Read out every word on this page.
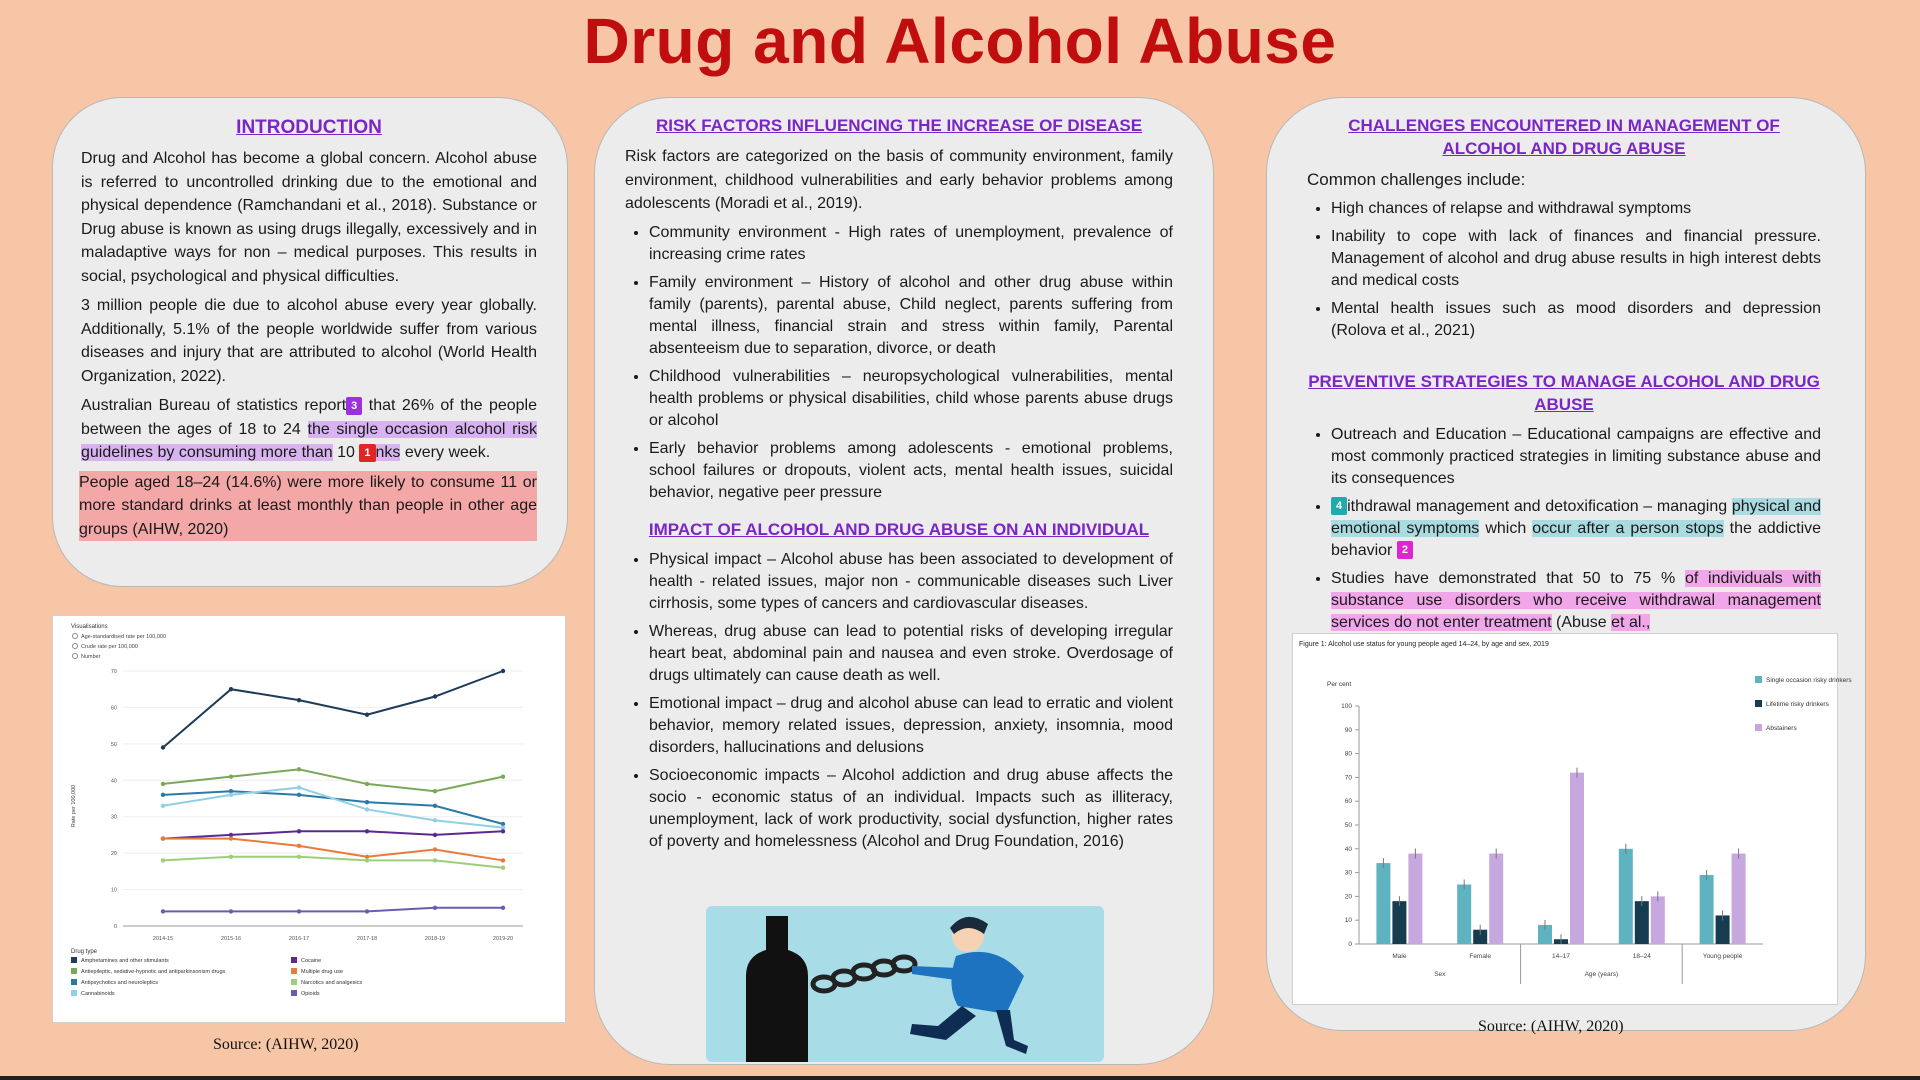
Drug and Alcohol Abuse
INTRODUCTION

Drug and Alcohol has become a global concern. Alcohol abuse is referred to uncontrolled drinking due to the emotional and physical dependence (Ramchandani et al., 2018). Substance or Drug abuse is known as using drugs illegally, excessively and in maladaptive ways for non – medical purposes. This results in social, psychological and physical difficulties.

3 million people die due to alcohol abuse every year globally. Additionally, 5.1% of the people worldwide suffer from various diseases and injury that are attributed to alcohol (World Health Organization, 2022).

Australian Bureau of statistics report 3 that 26% of the people between the ages of 18 to 24 the single occasion alcohol risk guidelines by consuming more than 10 1 nks every week.

People aged 18–24 (14.6%) were more likely to consume 11 or more standard drinks at least monthly than people in other age groups (AIHW, 2020)

Visualisations
Age-standardised rate per 100,000
Crude rate per 100,000
Number
0
10
20
30
40
50
60
70
Rate per 100,000
2014-15	2015-16	2016-17	2017-18	2018-19	2019-20
Drug type
Amphetamines and other stimulants
Antiepileptic, sedative-hypnotic and antiparkinsonism drugs
Antipsychotics and neuroleptics
Cannabinoids
Cocaine
Multiple drug use
Narcotics and analgesics
Opioids
Source: (AIHW, 2020)
RISK FACTORS INFLUENCING THE INCREASE OF DISEASE

Risk factors are categorized on the basis of community environment, family environment, childhood vulnerabilities and early behavior problems among adolescents (Moradi et al., 2019).

• Community environment - High rates of unemployment, prevalence of increasing crime rates
• Family environment – History of alcohol and other drug abuse within family (parents), parental abuse, Child neglect, parents suffering from mental illness, financial strain and stress within family, Parental absenteeism due to separation, divorce, or death
• Childhood vulnerabilities – neuropsychological vulnerabilities, mental health problems or physical disabilities, child whose parents abuse drugs or alcohol
• Early behavior problems among adolescents - emotional problems, school failures or dropouts, violent acts, mental health issues, suicidal behavior, negative peer pressure
IMPACT OF ALCOHOL AND DRUG ABUSE ON AN INDIVIDUAL
• Physical impact – Alcohol abuse has been associated to development of health - related issues, major non - communicable diseases such Liver cirrhosis, some types of cancers and cardiovascular diseases.
• Whereas, drug abuse can lead to potential risks of developing irregular heart beat, abdominal pain and nausea and even stroke. Overdosage of drugs ultimately can cause death as well.
• Emotional impact – drug and alcohol abuse can lead to erratic and violent behavior, memory related issues, depression, anxiety, insomnia, mood disorders, hallucinations and delusions
• Socioeconomic impacts – Alcohol addiction and drug abuse affects the socio - economic status of an individual. Impacts such as illiteracy, unemployment, lack of work productivity, social dysfunction, higher rates of poverty and homelessness (Alcohol and Drug Foundation, 2016)
CHALLENGES ENCOUNTERED IN MANAGEMENT OF ALCOHOL AND DRUG ABUSE

Common challenges include:

• High chances of relapse and withdrawal symptoms
• Inability to cope with lack of finances and financial pressure. Management of alcohol and drug abuse results in high interest debts and medical costs
• Mental health issues such as mood disorders and depression (Rolova et al., 2021)
PREVENTIVE STRATEGIES TO MANAGE ALCOHOL AND DRUG ABUSE
• Outreach and Education – Educational campaigns are effective and most commonly practiced strategies in limiting substance abuse and its consequences
• 4 ithdrawal management and detoxification – managing physical and emotional symptoms which occur after a person stops the addictive behavior 2
• Studies have demonstrated that 50 to 75 % of individuals with substance use disorders who receive withdrawal management services do not enter treatment (Abuse et al.,
Figure 1: Alcohol use status for young people aged 14–24, by age and sex, 2019
Per cent
0
10
20
30
40
50
60
70
80
90
100
Male	Female	14–17	18–24	Young people
Sex	Age (years)
Single occasion risky drinkers
Lifetime risky drinkers
Abstainers
Source: (AIHW, 2020)
